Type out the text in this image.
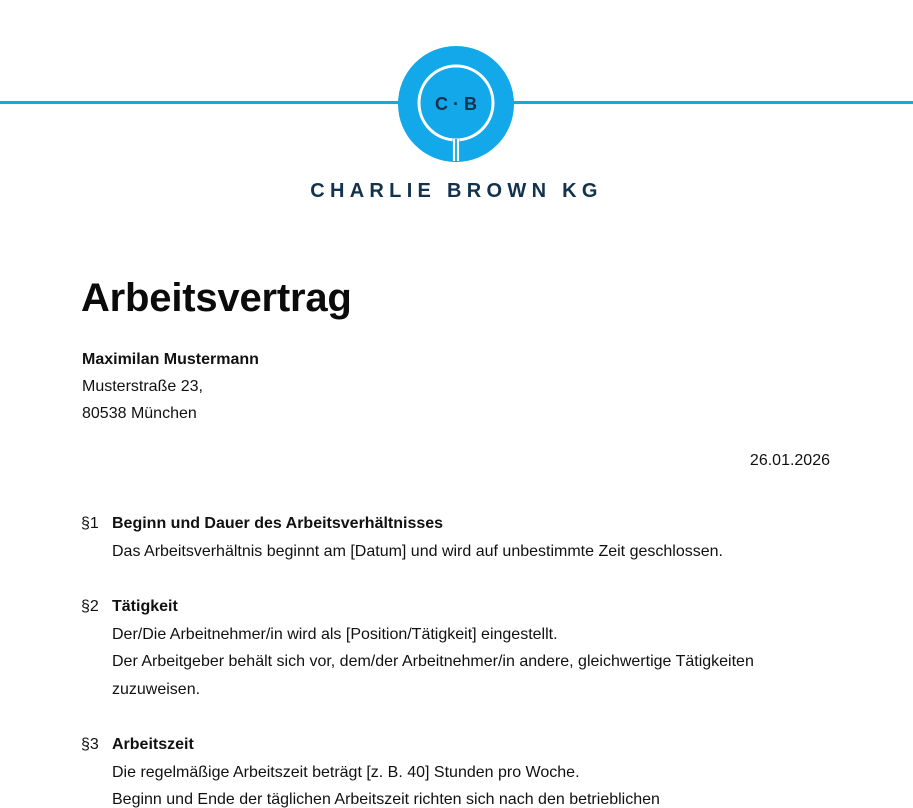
C · B
CHARLIE BROWN KG
Arbeitsvertrag
Maximilan Mustermann
Musterstraße 23,
80538 München
26.01.2026
§1 Beginn und Dauer des Arbeitsverhältnisses
Das Arbeitsverhältnis beginnt am [Datum] und wird auf unbestimmte Zeit geschlossen.
§2 Tätigkeit
Der/Die Arbeitnehmer/in wird als [Position/Tätigkeit] eingestellt.
Der Arbeitgeber behält sich vor, dem/der Arbeitnehmer/in andere, gleichwertige Tätigkeiten zuzuweisen.
§3 Arbeitszeit
Die regelmäßige Arbeitszeit beträgt [z. B. 40] Stunden pro Woche.
Beginn und Ende der täglichen Arbeitszeit richten sich nach den betrieblichen
